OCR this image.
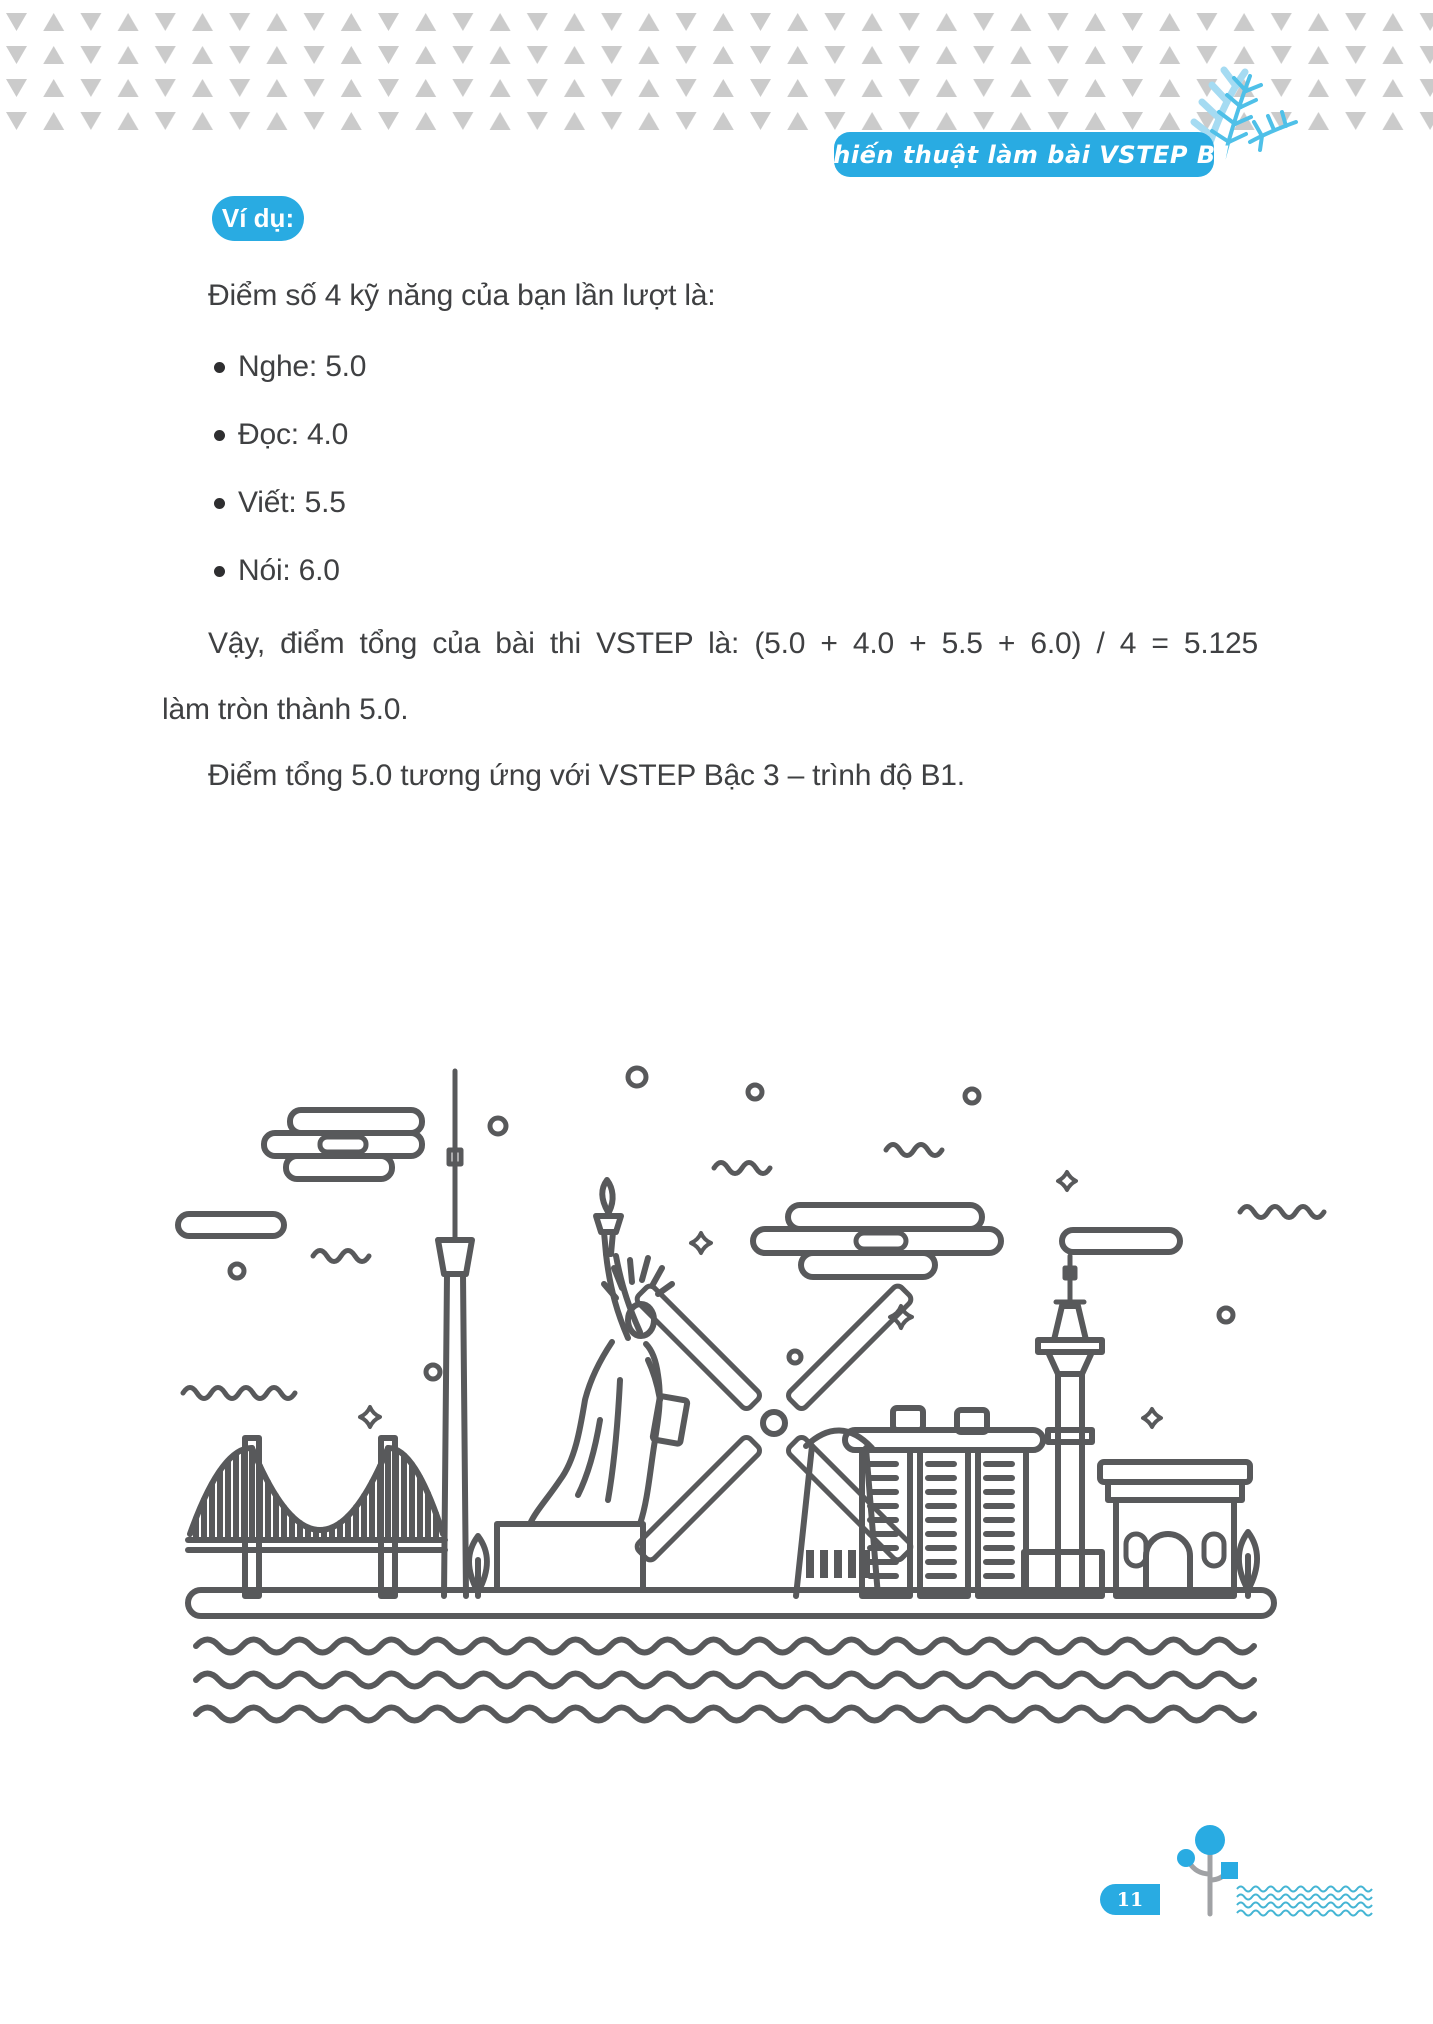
Chiến thuật làm bài VSTEP B1
Ví dụ:
Điểm số 4 kỹ năng của bạn lần lượt là:
Nghe: 5.0
Đọc: 4.0
Viết: 5.5
Nói: 6.0
Vậy, điểm tổng của bài thi VSTEP là: (5.0 + 4.0 + 5.5 + 6.0) / 4 = 5.125
làm tròn thành 5.0.
Điểm tổng 5.0 tương ứng với VSTEP Bậc 3 – trình độ B1.
11
